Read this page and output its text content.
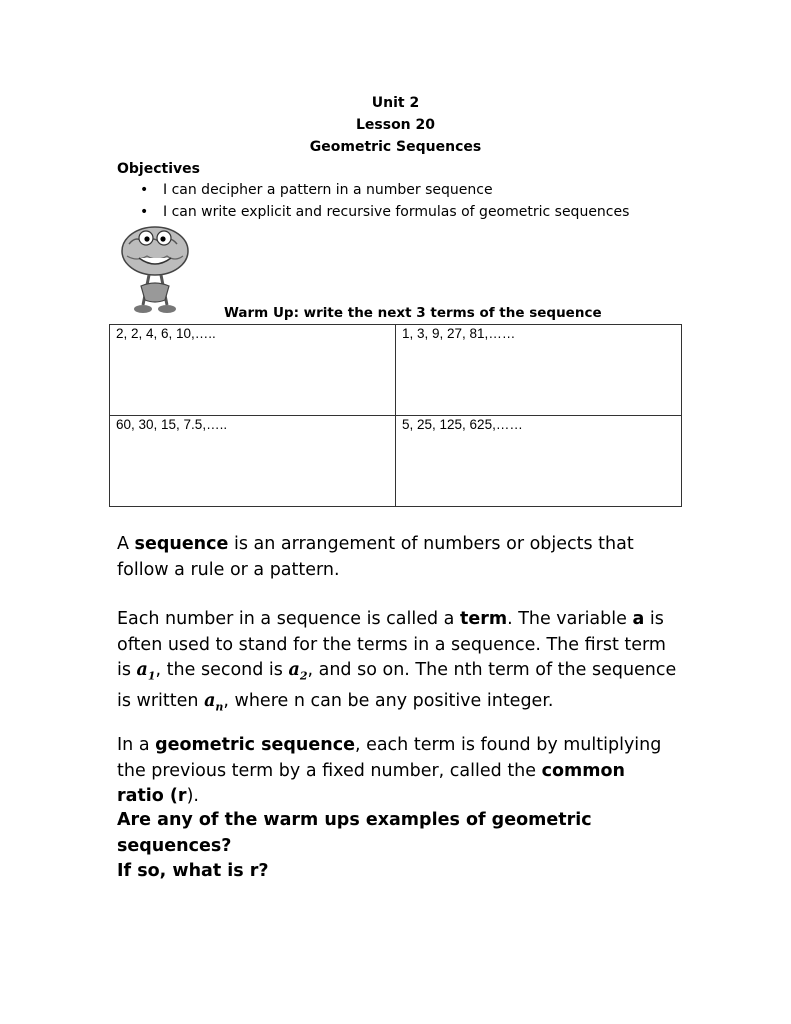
Unit 2
Lesson 20
Geometric Sequences
Objectives
• I can decipher a pattern in a number sequence
• I can write explicit and recursive formulas of geometric sequences
Warm Up: write the next 3 terms of the sequence
2, 2, 4, 6, 10,…..	1, 3, 9, 27, 81,……
60, 30, 15, 7.5,…..	5, 25, 125, 625,……
A sequence is an arrangement of numbers or objects that follow a rule or a pattern.
Each number in a sequence is called a term. The variable a is often used to stand for the terms in a sequence. The first term is $a_1$, the second is $a_2$, and so on. The nth term of the sequence is written $a_n$, where n can be any positive integer.
In a geometric sequence, each term is found by multiplying the previous term by a fixed number, called the common ratio (r).
Are any of the warm ups examples of geometric sequences?
If so, what is r?
